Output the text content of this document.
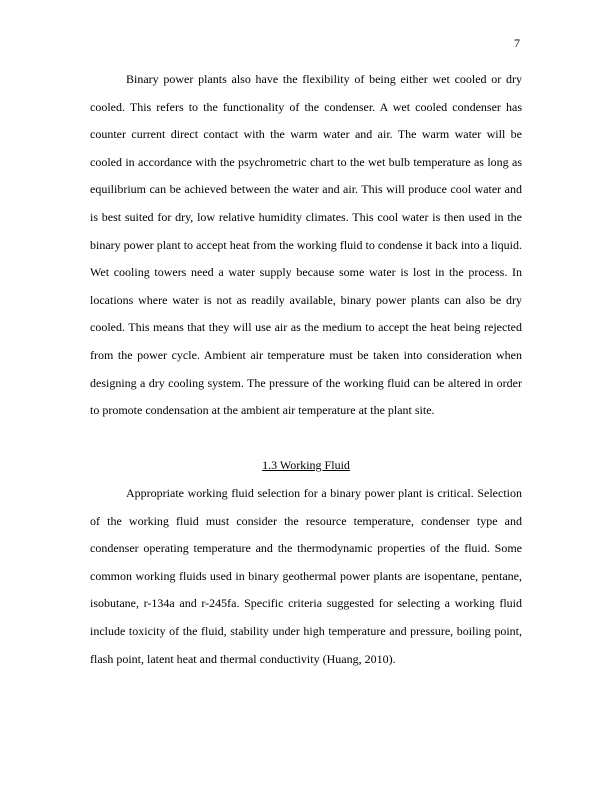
7
Binary power plants also have the flexibility of being either wet cooled or dry
cooled. This refers to the functionality of the condenser. A wet cooled condenser has
counter current direct contact with the warm water and air. The warm water will be
cooled in accordance with the psychrometric chart to the wet bulb temperature as long as
equilibrium can be achieved between the water and air. This will produce cool water and
is best suited for dry, low relative humidity climates. This cool water is then used in the
binary power plant to accept heat from the working fluid to condense it back into a liquid.
Wet cooling towers need a water supply because some water is lost in the process. In
locations where water is not as readily available, binary power plants can also be dry
cooled. This means that they will use air as the medium to accept the heat being rejected
from the power cycle. Ambient air temperature must be taken into consideration when
designing a dry cooling system. The pressure of the working fluid can be altered in order
to promote condensation at the ambient air temperature at the plant site.
1.3 Working Fluid
Appropriate working fluid selection for a binary power plant is critical. Selection
of the working fluid must consider the resource temperature, condenser type and
condenser operating temperature and the thermodynamic properties of the fluid. Some
common working fluids used in binary geothermal power plants are isopentane, pentane,
isobutane, r-134a and r-245fa. Specific criteria suggested for selecting a working fluid
include toxicity of the fluid, stability under high temperature and pressure, boiling point,
flash point, latent heat and thermal conductivity (Huang, 2010).
